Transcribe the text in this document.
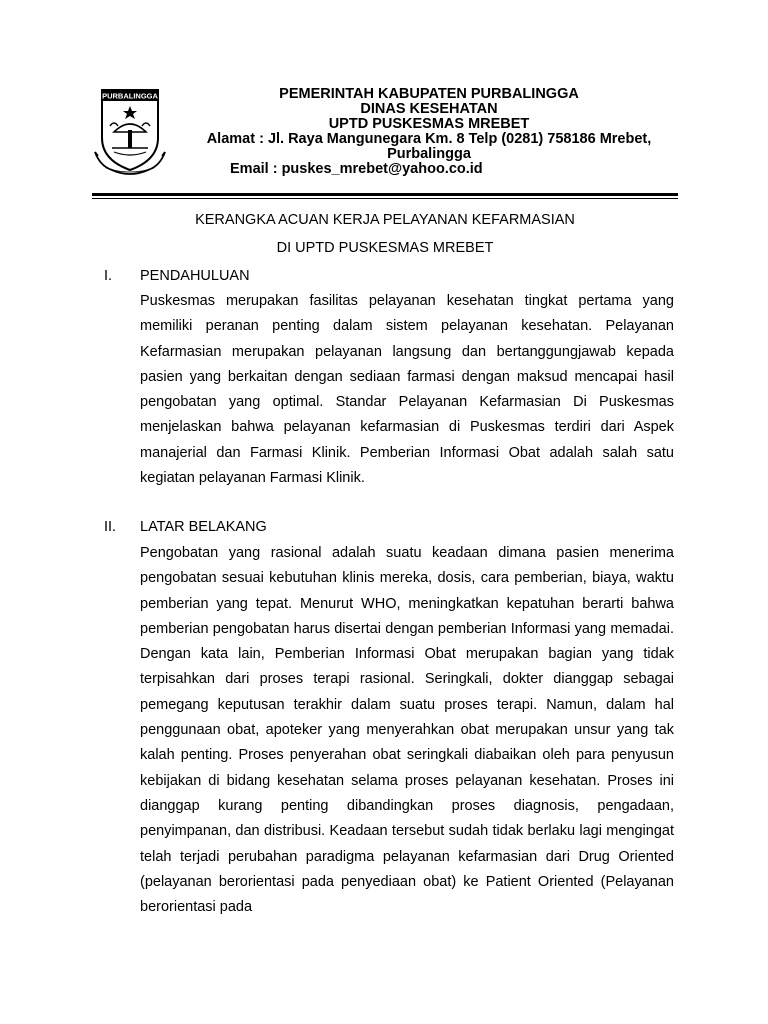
PURBALINGGA	PEMERINTAH KABUPATEN PURBALINGGA
DINAS KESEHATAN
UPTD PUSKESMAS MREBET
Alamat : Jl. Raya Mangunegara Km. 8 Telp (0281) 758186 Mrebet, Purbalingga
Email : puskes_mrebet@yahoo.co.id
KERANGKA ACUAN KERJA PELAYANAN KEFARMASIAN
DI UPTD PUSKESMAS MREBET
I. PENDAHULUAN
Puskesmas merupakan fasilitas pelayanan kesehatan tingkat pertama yang memiliki peranan penting dalam sistem pelayanan kesehatan. Pelayanan Kefarmasian merupakan pelayanan langsung dan bertanggungjawab kepada pasien yang berkaitan dengan sediaan farmasi dengan maksud mencapai hasil pengobatan yang optimal. Standar Pelayanan Kefarmasian Di Puskesmas menjelaskan bahwa pelayanan kefarmasian di Puskesmas terdiri dari Aspek manajerial dan Farmasi Klinik. Pemberian Informasi Obat adalah salah satu kegiatan pelayanan Farmasi Klinik.
II. LATAR BELAKANG
Pengobatan yang rasional adalah suatu keadaan dimana pasien menerima pengobatan sesuai kebutuhan klinis mereka, dosis, cara pemberian, biaya, waktu pemberian yang tepat. Menurut WHO, meningkatkan kepatuhan berarti bahwa pemberian pengobatan harus disertai dengan pemberian Informasi yang memadai. Dengan kata lain, Pemberian Informasi Obat merupakan bagian yang tidak terpisahkan dari proses terapi rasional. Seringkali, dokter dianggap sebagai pemegang keputusan terakhir dalam suatu proses terapi. Namun, dalam hal penggunaan obat, apoteker yang menyerahkan obat merupakan unsur yang tak kalah penting. Proses penyerahan obat seringkali diabaikan oleh para penyusun kebijakan di bidang kesehatan selama proses pelayanan kesehatan. Proses ini dianggap kurang penting dibandingkan proses diagnosis, pengadaan, penyimpanan, dan distribusi. Keadaan tersebut sudah tidak berlaku lagi mengingat telah terjadi perubahan paradigma pelayanan kefarmasian dari Drug Oriented (pelayanan berorientasi pada penyediaan obat) ke Patient Oriented (Pelayanan berorientasi pada
